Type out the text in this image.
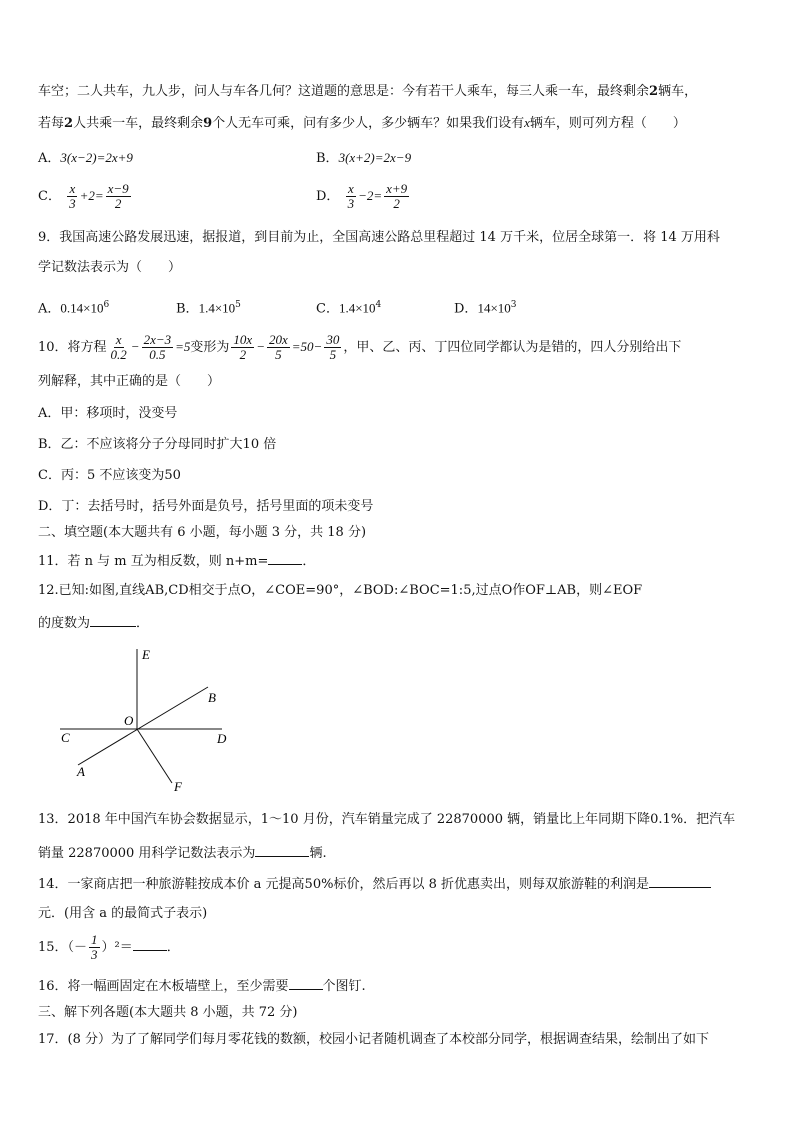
车空；二人共车，九人步，问人与车各几何？这道题的意思是：今有若干人乘车，每三人乘一车，最终剩余2辆车，
若每2人共乘一车，最终剩余9个人无车可乘，问有多少人，多少辆车？如果我们设有x辆车，则可列方程（　　）
A．3(x−2)=2x+9	B．3(x+2)=2x−9
C． $\frac{x}{3} +2= \frac{x-9}{2}$	D． $\frac{x}{3} -2= \frac{x+9}{2}$
9．我国高速公路发展迅速，据报道，到目前为止，全国高速公路总里程超过 14 万千米，位居全球第一．将 14 万用科
学记数法表示为（　　）
A．$0.14\times 10^6$	B．$1.4\times 10^5$	C．$1.4\times 10^4$	D．$14\times 10^3$
10．将方程 $\frac{x}{0.2} - \frac{2x-3}{0.5} =5$变形为 $\frac{10x}{2} - \frac{20x}{5} =50- \frac{30}{5}$ ，甲、乙、丙、丁四位同学都认为是错的，四人分别给出下
列解释，其中正确的是（　　）
A．甲：移项时，没变号
B．乙：不应该将分子分母同时扩大10 倍
C．丙：5 不应该变为50
D．丁：去括号时，括号外面是负号，括号里面的项未变号
二、填空题(本大题共有 6 小题，每小题 3 分，共 18 分)
11．若 n 与 m 互为相反数，则 n+m=	．
12.已知:如图,直线AB,CD相交于点O，∠COE=90°，∠BOD:∠BOC=1:5,过点O作OF⊥AB，则∠EOF
的度数为	．
E
B
O
C	D
A
F
13．2018 年中国汽车协会数据显示，1～10 月份，汽车销量完成了 22870000 辆，销量比上年同期下降0.1%．把汽车
销量 22870000 用科学记数法表示为	辆.
14．一家商店把一种旅游鞋按成本价 a 元提高50%标价，然后再以 8 折优惠卖出，则每双旅游鞋的利润是
元．(用含 a 的最简式子表示)
15．（－ $\frac{1}{3} )^2=$	．
16．将一幅画固定在木板墙壁上，至少需要	个图钉.
三、解下列各题(本大题共 8 小题，共 72 分)
17．(8 分）为了了解同学们每月零花钱的数额，校园小记者随机调查了本校部分同学，根据调查结果，绘制出了如下
